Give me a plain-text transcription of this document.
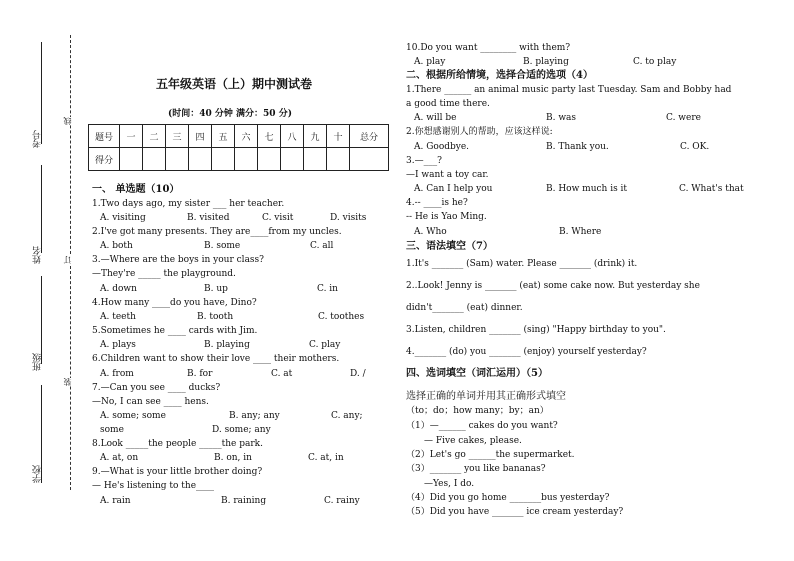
考号
姓名
班级
学校
线
订
装
五年级英语（上）期中测试卷
(时间：40 分钟 满分：50 分)
题号	一	二	三	四	五	六	七	八	九	十	总分
得分											
一、 单选题（10）
1.Two days ago, my sister ___ her teacher.
A. visiting	B. visited	C. visit	D. visits
2.I've got many presents. They are____from my uncles.
A. both	B. some	C. all
3.—Where are the boys in your class?
—They're _____ the playground.
A. down	B. up	C. in
4.How many ____do you have, Dino?
A. teeth	B. tooth	C. toothes
5.Sometimes he ____ cards with Jim.
A. plays	B. playing	C. play
6.Children want to show their love ____ their mothers.
A. from	B. for	C. at	D. /
7.—Can you see ____ ducks?
—No, I can see ____ hens.
A. some; some	B. any; any	C. any;
some	D. some; any
8.Look _____the people _____the park.
A. at, on	B. on, in	C. at, in
9.—What is your little brother doing?
— He's listening to the____
A. rain	B. raining	C. rainy
10.Do you want ________ with them?
A. play	B. playing	C. to play
二、根据所给情境，选择合适的选项（4）
1.There ______ an animal music party last Tuesday. Sam and Bobby had
a good time there.
A. will be	B. was	C. were
2.你想感谢别人的帮助，应该这样说:
A. Goodbye.	B. Thank you.	C. OK.
3.—___?
—I want a toy car.
A. Can I help you	B. How much is it	C. What's that
4.-- ____is he?
-- He is Yao Ming.
A. Who	B. Where
三、语法填空（7）
1.It's _______ (Sam) water. Please _______ (drink) it.
2..Look! Jenny is _______ (eat) some cake now. But yesterday she
didn't_______ (eat) dinner.
3.Listen, children _______ (sing) "Happy birthday to you".
4._______ (do) you _______ (enjoy) yourself yesterday?
四、选词填空（词汇运用）（5）
选择正确的单词并用其正确形式填空
（to；do；how many；by；an）
（1）—______ cakes do you want?
— Five cakes, please.
（2）Let's go ______the supermarket.
（3）_______ you like bananas?
—Yes, I do.
（4）Did you go home _______bus yesterday?
（5）Did you have _______ ice cream yesterday?
